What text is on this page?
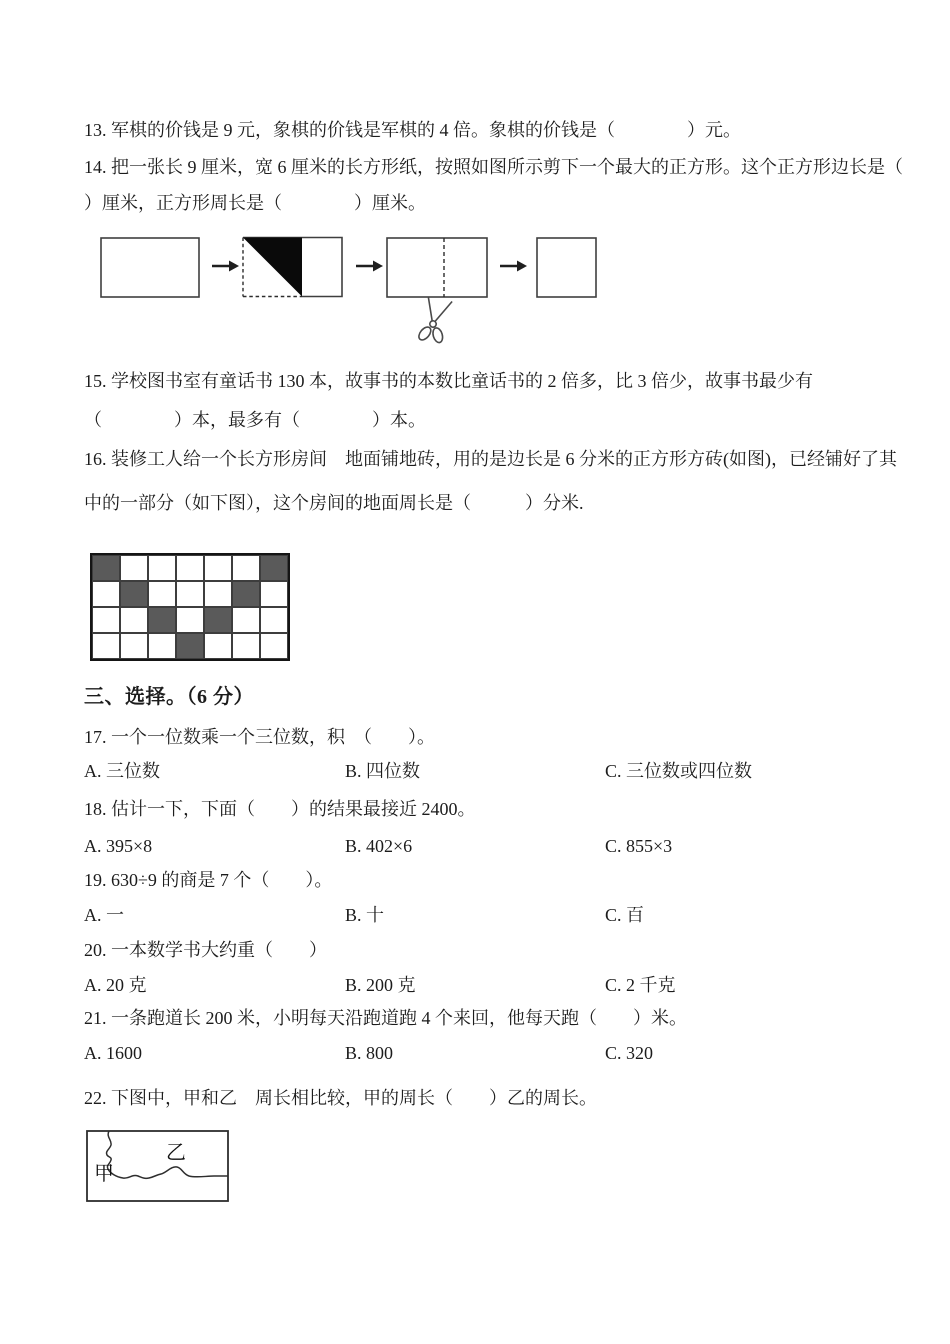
13. 军棋的价钱是 9 元，象棋的价钱是军棋的 4 倍。象棋的价钱是（　　　　）元。
14. 把一张长 9 厘米，宽 6 厘米的长方形纸，按照如图所示剪下一个最大的正方形。这个正方形边长是（
）厘米，正方形周长是（　　　　）厘米。
15. 学校图书室有童话书 130 本，故事书的本数比童话书的 2 倍多，比 3 倍少，故事书最少有
（　　　　）本，最多有（　　　　）本。
16. 装修工人给一个长方形房间　地面铺地砖，用的是边长是 6 分米的正方形方砖(如图)，已经铺好了其
中的一部分（如下图），这个房间的地面周长是（　　　）分米.
三、选择。（6 分）
17. 一个一位数乘一个三位数，积　（　　）。
A. 三位数	B. 四位数	C. 三位数或四位数
18. 估计一下，下面（　　）的结果最接近 2400。
A. 395×8	B. 402×6	C. 855×3
19. 630÷9 的商是 7 个（　　）。
A. 一	B. 十	C. 百
20. 一本数学书大约重（　　）
A. 20 克	B. 200 克	C. 2 千克
21. 一条跑道长 200 米，小明每天沿跑道跑 4 个来回，他每天跑（　　）米。
A. 1600	B. 800	C. 320
22. 下图中，甲和乙　周长相比较，甲的周长（　　）乙的周长。
甲
乙
